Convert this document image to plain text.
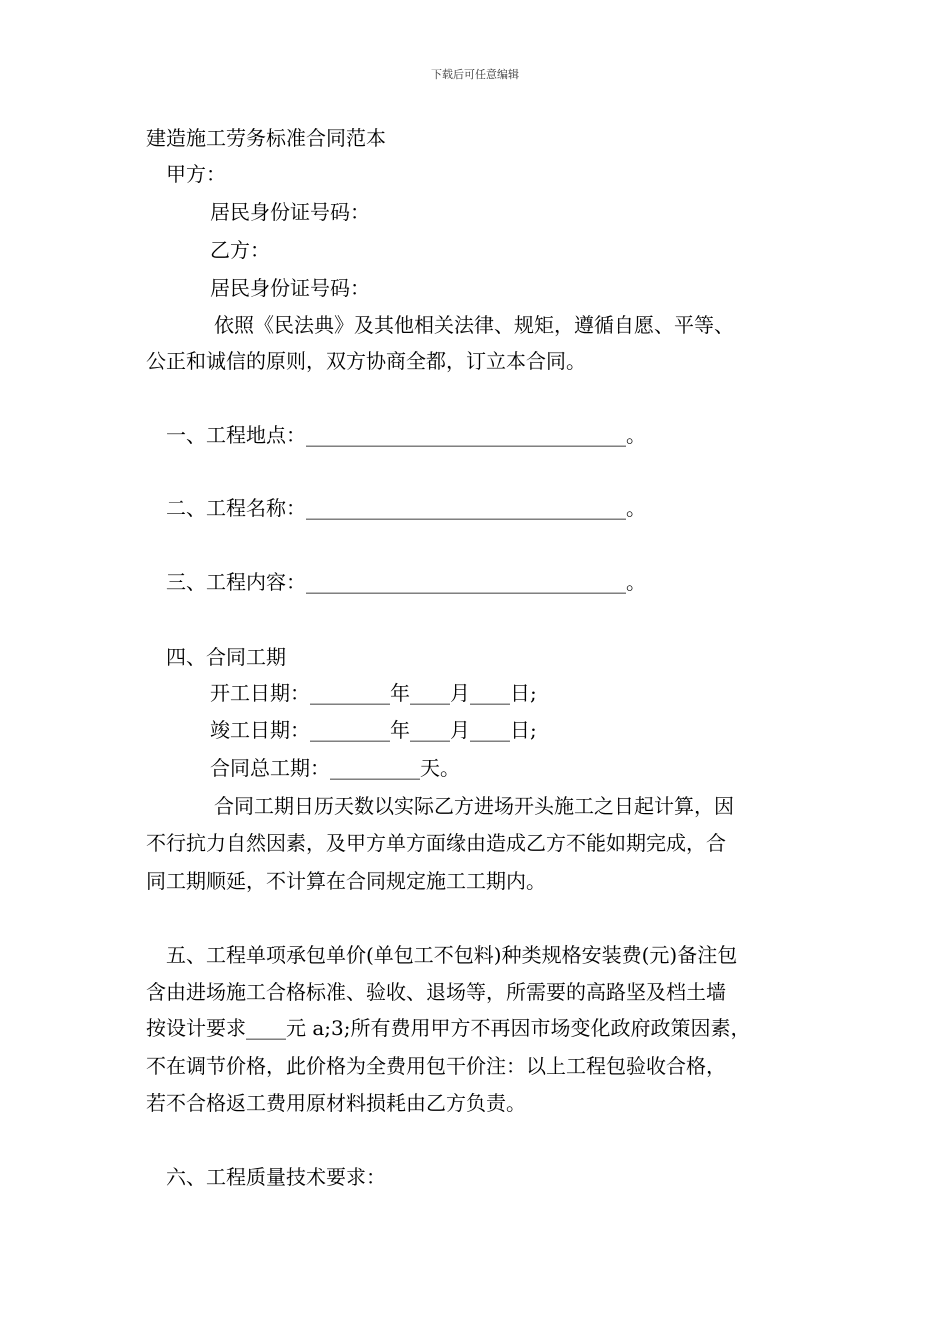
下载后可任意编辑
建造施工劳务标准合同范本
甲方：
居民身份证号码：
乙方：
居民身份证号码：
依照《民法典》及其他相关法律、规矩，遵循自愿、平等、
公正和诚信的原则，双方协商全都，订立本合同。
一、工程地点：________________________________。
二、工程名称：________________________________。
三、工程内容：________________________________。
四、合同工期
开工日期：________年____月____日;
竣工日期：________年____月____日;
合同总工期：_________天。
合同工期日历天数以实际乙方进场开头施工之日起计算，因
不行抗力自然因素，及甲方单方面缘由造成乙方不能如期完成，合
同工期顺延，不计算在合同规定施工工期内。
五、工程单项承包单价(单包工不包料)种类规格安装费(元)备注包
含由进场施工合格标准、验收、退场等，所需要的高路坚及档土墙
按设计要求____元 a;3;所有费用甲方不再因市场变化政府政策因素，
不在调节价格，此价格为全费用包干价注：以上工程包验收合格，
若不合格返工费用原材料损耗由乙方负责。
六、工程质量技术要求：
